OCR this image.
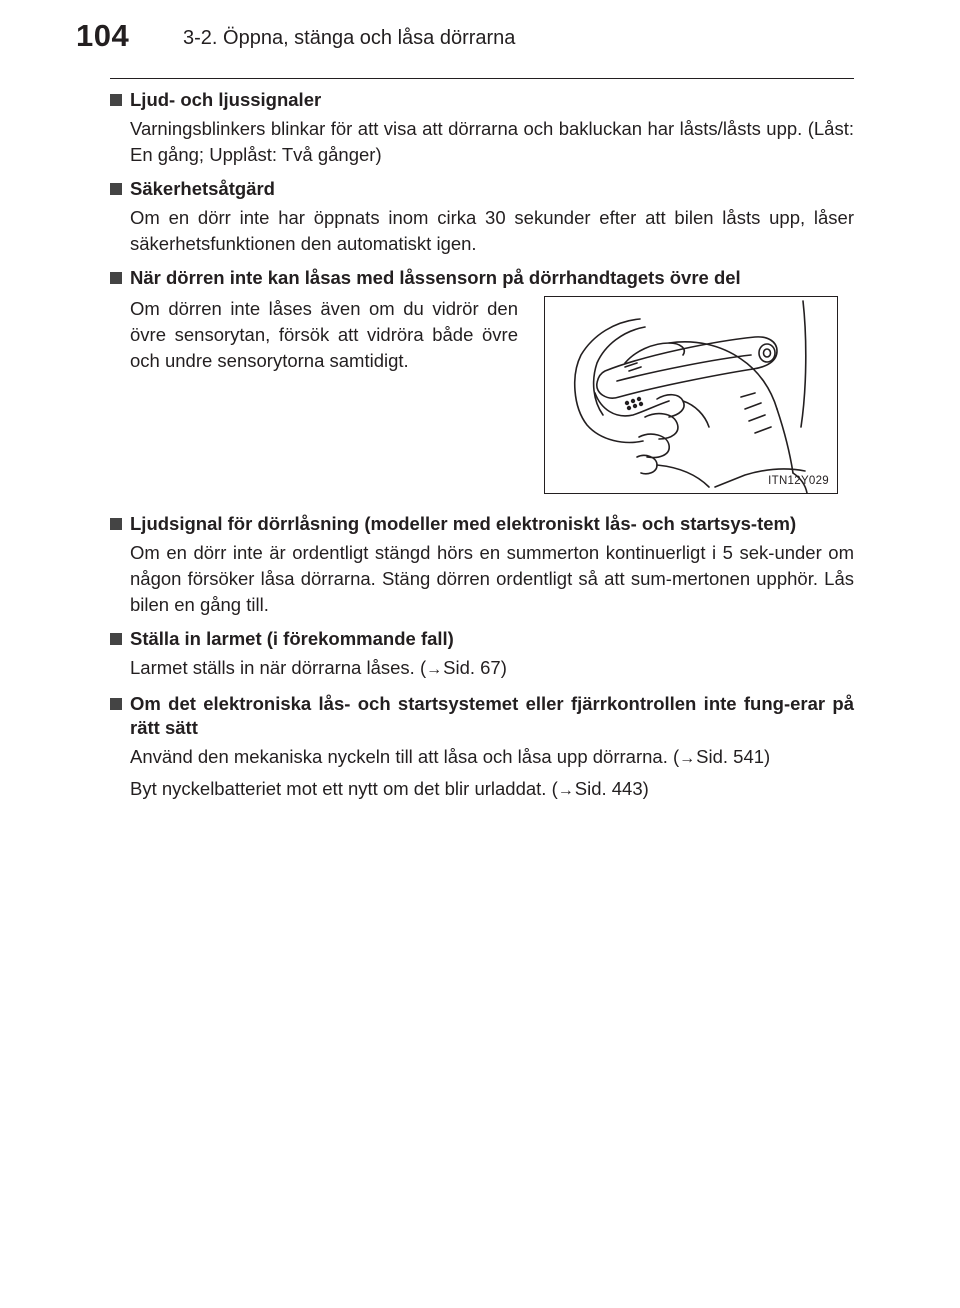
104	3-2. Öppna, stänga och låsa dörrarna

Ljud- och ljussignaler

Varningsblinkers blinkar för att visa att dörrarna och bakluckan har låsts/låsts upp. (Låst: En gång; Upplåst: Två gånger)

Säkerhetsåtgärd

Om en dörr inte har öppnats inom cirka 30 sekunder efter att bilen låsts upp, låser säkerhetsfunktionen den automatiskt igen.

När dörren inte kan låsas med låssensorn på dörrhandtagets övre del

Om dörren inte låses även om du vidrör den övre sensorytan, försök att vidröra både övre och undre sensorytorna samtidigt.

ITN12Y029

Ljudsignal för dörrlåsning (modeller med elektroniskt lås- och startsys-tem)

Om en dörr inte är ordentligt stängd hörs en summerton kontinuerligt i 5 sek-under om någon försöker låsa dörrarna. Stäng dörren ordentligt så att sum-mertonen upphör. Lås bilen en gång till.

Ställa in larmet (i förekommande fall)

Larmet ställs in när dörrarna låses. (→Sid. 67)

Om det elektroniska lås- och startsystemet eller fjärrkontrollen inte fung-erar på rätt sätt

Använd den mekaniska nyckeln till att låsa och låsa upp dörrarna. (→Sid. 541)

Byt nyckelbatteriet mot ett nytt om det blir urladdat. (→Sid. 443)
